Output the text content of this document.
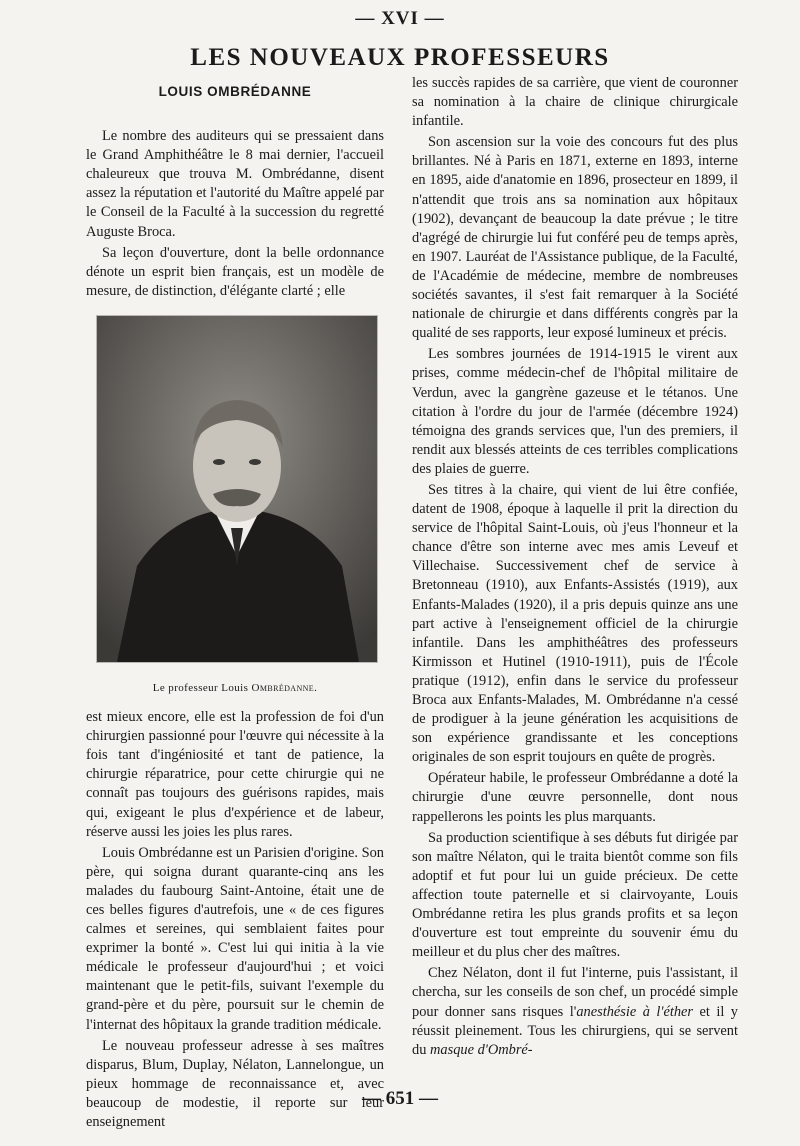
— XVI —
LES NOUVEAUX PROFESSEURS
LOUIS OMBRÉDANNE

Le nombre des auditeurs qui se pressaient dans le Grand Amphithéâtre le 8 mai dernier, l'accueil chaleureux que trouva M. Ombrédanne, disent assez la réputation et l'autorité du Maître appelé par le Conseil de la Faculté à la succession du regretté Auguste Broca.

Sa leçon d'ouverture, dont la belle ordonnance dénote un esprit bien français, est un modèle de mesure, de distinction, d'élégante clarté ; elle

Le professeur Louis Ombrédanne.

est mieux encore, elle est la profession de foi d'un chirurgien passionné pour l'œuvre qui nécessite à la fois tant d'ingéniosité et tant de patience, la chirurgie réparatrice, pour cette chirurgie qui ne connaît pas toujours des guérisons rapides, mais qui, exigeant le plus d'expérience et de labeur, réserve aussi les joies les plus rares.

Louis Ombrédanne est un Parisien d'origine. Son père, qui soigna durant quarante-cinq ans les malades du faubourg Saint-Antoine, était une de ces belles figures d'autrefois, une « de ces figures calmes et sereines, qui semblaient faites pour exprimer la bonté ». C'est lui qui initia à la vie médicale le professeur d'aujourd'hui ; et voici maintenant que le petit-fils, suivant l'exemple du grand-père et du père, poursuit sur le chemin de l'internat des hôpitaux la grande tradition médicale.

Le nouveau professeur adresse à ses maîtres disparus, Blum, Duplay, Nélaton, Lannelongue, un pieux hommage de reconnaissance et, avec beaucoup de modestie, il reporte sur leur enseignement

les succès rapides de sa carrière, que vient de couronner sa nomination à la chaire de clinique chirurgicale infantile.

Son ascension sur la voie des concours fut des plus brillantes. Né à Paris en 1871, externe en 1893, interne en 1895, aide d'anatomie en 1896, prosecteur en 1899, il n'attendit que trois ans sa nomination aux hôpitaux (1902), devançant de beaucoup la date prévue ; le titre d'agrégé de chirurgie lui fut conféré peu de temps après, en 1907. Lauréat de l'Assistance publique, de la Faculté, de l'Académie de médecine, membre de nombreuses sociétés savantes, il s'est fait remarquer à la Société nationale de chirurgie et dans différents congrès par la qualité de ses rapports, leur exposé lumineux et précis.

Les sombres journées de 1914-1915 le virent aux prises, comme médecin-chef de l'hôpital militaire de Verdun, avec la gangrène gazeuse et le tétanos. Une citation à l'ordre du jour de l'armée (décembre 1924) témoigna des grands services que, l'un des premiers, il rendit aux blessés atteints de ces terribles complications des plaies de guerre.

Ses titres à la chaire, qui vient de lui être confiée, datent de 1908, époque à laquelle il prit la direction du service de l'hôpital Saint-Louis, où j'eus l'honneur et la chance d'être son interne avec mes amis Leveuf et Villechaise. Successivement chef de service à Bretonneau (1910), aux Enfants-Assistés (1919), aux Enfants-Malades (1920), il a pris depuis quinze ans une part active à l'enseignement officiel de la chirurgie infantile. Dans les amphithéâtres des professeurs Kirmisson et Hutinel (1910-1911), puis de l'École pratique (1912), enfin dans le service du professeur Broca aux Enfants-Malades, M. Ombrédanne n'a cessé de prodiguer à la jeune génération les acquisitions de son expérience grandissante et les conceptions originales de son esprit toujours en quête de progrès.

Opérateur habile, le professeur Ombrédanne a doté la chirurgie d'une œuvre personnelle, dont nous rappellerons les points les plus marquants.

Sa production scientifique à ses débuts fut dirigée par son maître Nélaton, qui le traita bientôt comme son fils adoptif et fut pour lui un guide précieux. De cette affection toute paternelle et si clairvoyante, Louis Ombrédanne retira les plus grands profits et sa leçon d'ouverture est tout empreinte du souvenir ému du meilleur et du plus cher des maîtres.

Chez Nélaton, dont il fut l'interne, puis l'assistant, il chercha, sur les conseils de son chef, un procédé simple pour donner sans risques l'anesthésie à l'éther et il y réussit pleinement. Tous les chirurgiens, qui se servent du masque d'Ombré-

— 651 —
